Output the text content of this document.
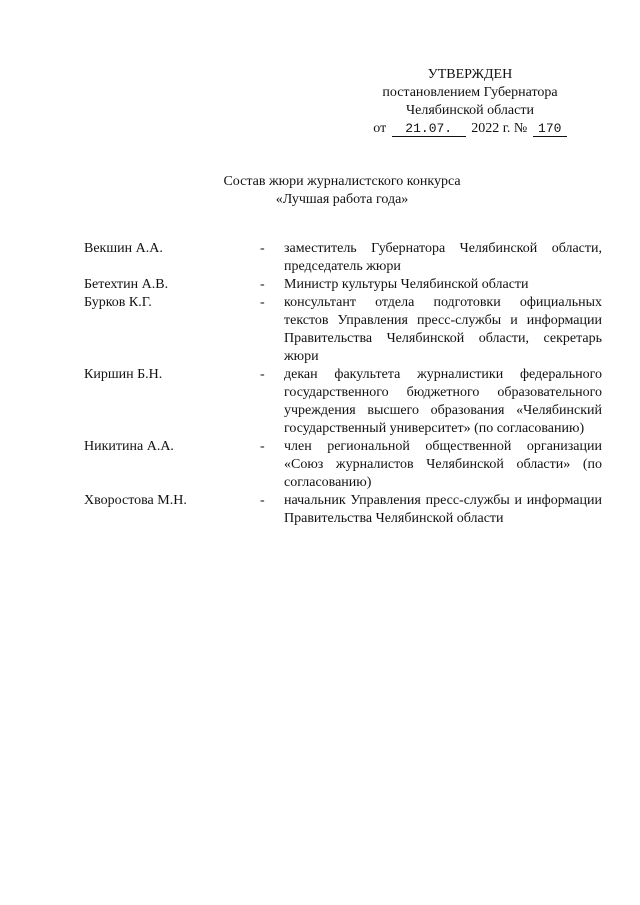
УТВЕРЖДЕН
постановлением Губернатора
Челябинской области
от 21.07. 2022 г. № 170
Состав жюри журналистского конкурса
«Лучшая работа года»
Векшин А.А.	-	заместитель Губернатора Челябинской области, председатель жюри
Бетехтин А.В.	-	Министр культуры Челябинской области
Бурков К.Г.	-	консультант отдела подготовки официальных текстов Управления пресс-службы и информации Правительства Челябинской области, секретарь жюри
Киршин Б.Н.	-	декан факультета журналистики федерального государственного бюджетного образовательного учреждения высшего образования «Челябинский государственный университет» (по согласованию)
Никитина А.А.	-	член региональной общественной организации «Союз журналистов Челябинской области» (по согласованию)
Хворостова М.Н.	-	начальник Управления пресс-службы и информации Правительства Челябинской области
